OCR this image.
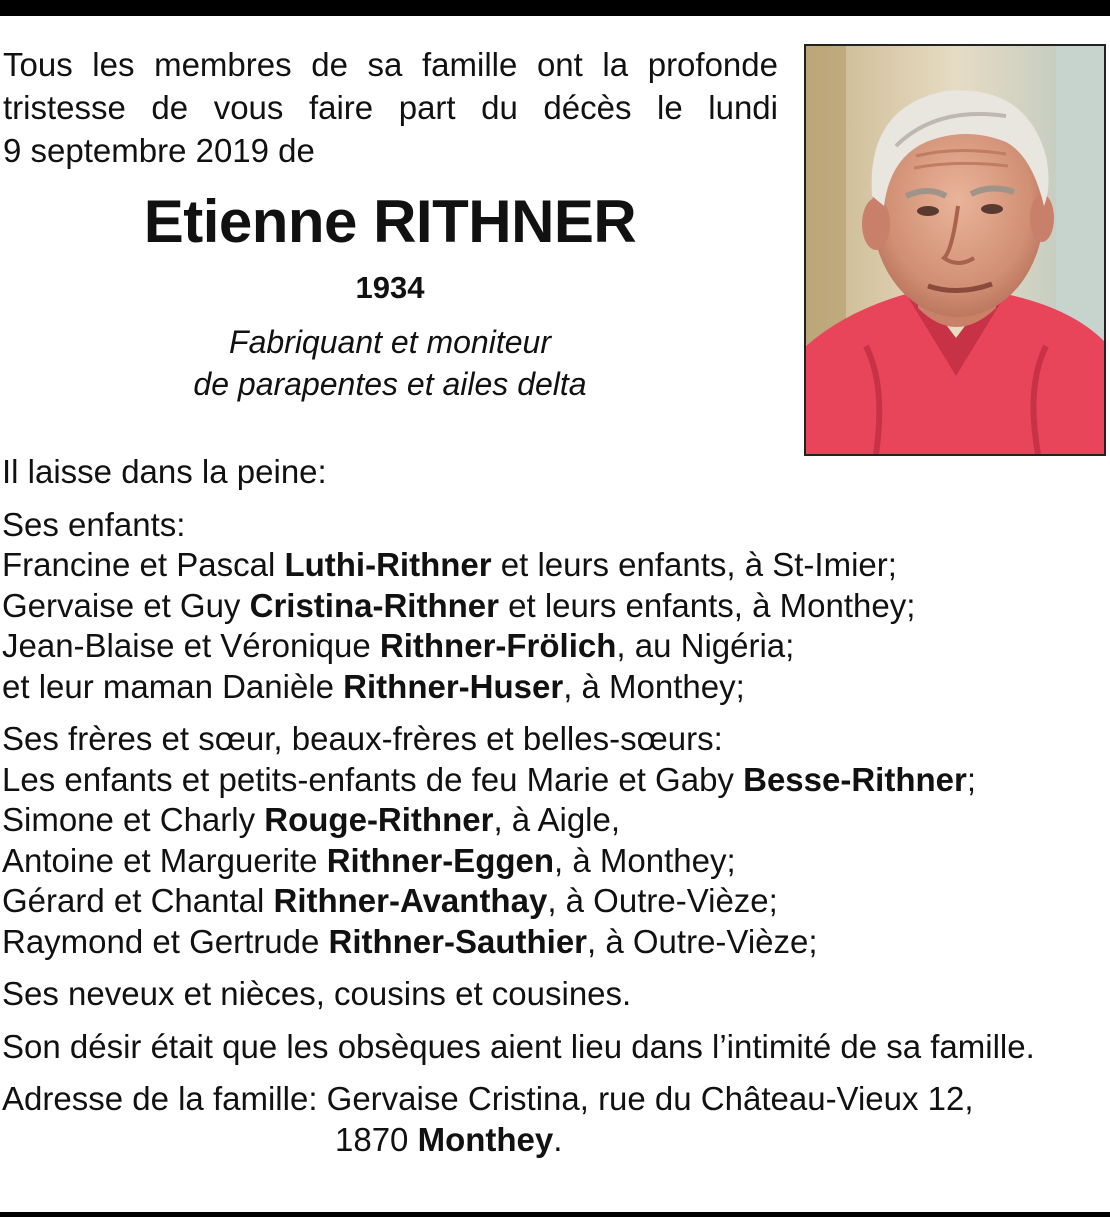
Tous les membres de sa famille ont la profonde
tristesse de vous faire part du décès le lundi
9 septembre 2019 de
Etienne RITHNER
1934
Fabriquant et moniteur
de parapentes et ailes delta
Il laisse dans la peine:
Ses enfants:
Francine et Pascal Luthi-Rithner et leurs enfants, à St-Imier;
Gervaise et Guy Cristina-Rithner et leurs enfants, à Monthey;
Jean-Blaise et Véronique Rithner-Frölich, au Nigéria;
et leur maman Danièle Rithner-Huser, à Monthey;
Ses frères et sœur, beaux-frères et belles-sœurs:
Les enfants et petits-enfants de feu Marie et Gaby Besse-Rithner;
Simone et Charly Rouge-Rithner, à Aigle,
Antoine et Marguerite Rithner-Eggen, à Monthey;
Gérard et Chantal Rithner-Avanthay, à Outre-Vièze;
Raymond et Gertrude Rithner-Sauthier, à Outre-Vièze;
Ses neveux et nièces, cousins et cousines.
Son désir était que les obsèques aient lieu dans l’intimité de sa famille.
Adresse de la famille: Gervaise Cristina, rue du Château-Vieux 12,
1870 Monthey.
